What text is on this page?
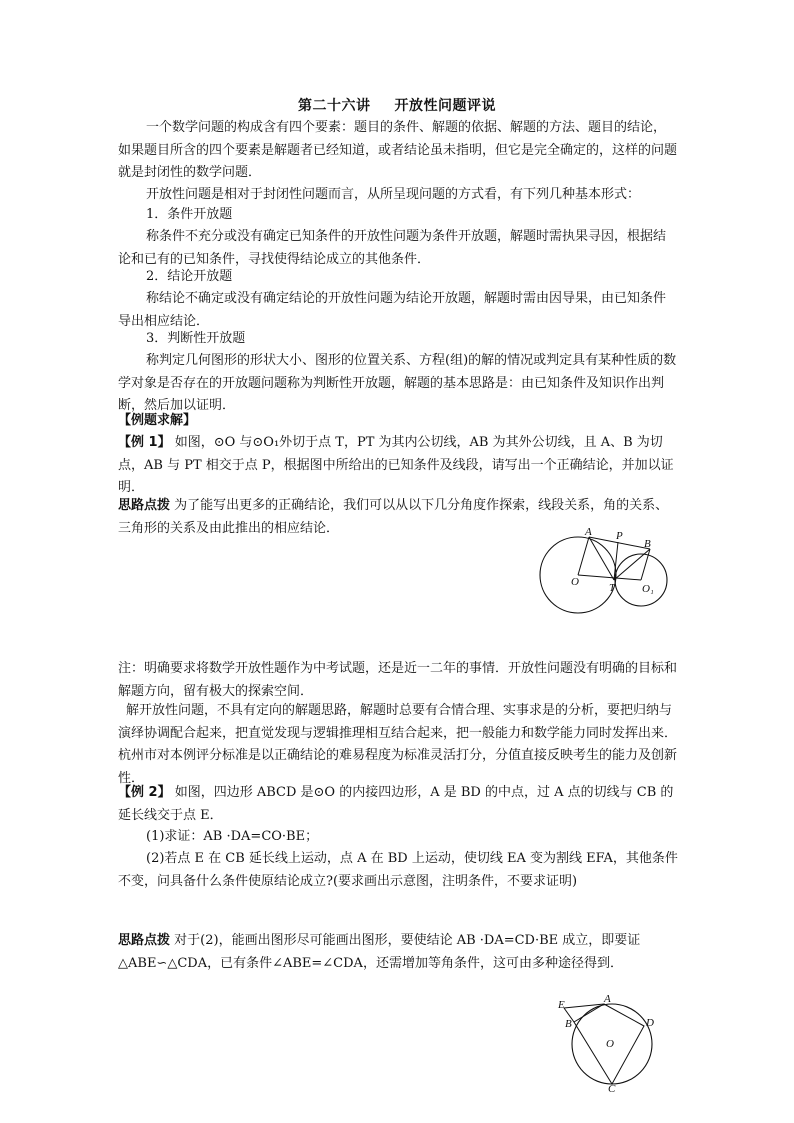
第二十六讲 开放性问题评说

一个数学问题的构成含有四个要素：题目的条件、解题的依据、解题的方法、题目的结论，如果题目所含的四个要素是解题者已经知道，或者结论虽未指明，但它是完全确定的，这样的问题就是封闭性的数学问题．

开放性问题是相对于封闭性问题而言，从所呈现问题的方式看，有下列几种基本形式：

1．条件开放题

称条件不充分或没有确定已知条件的开放性问题为条件开放题，解题时需执果寻因，根据结论和已有的已知条件，寻找使得结论成立的其他条件．

2．结论开放题

称结论不确定或没有确定结论的开放性问题为结论开放题，解题时需由因导果，由已知条件导出相应结论．

3．判断性开放题

称判定几何图形的形状大小、图形的位置关系、方程(组)的解的情况或判定具有某种性质的数学对象是否存在的开放题问题称为判断性开放题，解题的基本思路是：由已知条件及知识作出判断，然后加以证明．

【例题求解】

【例 1】 如图，⊙O 与⊙O₁外切于点 T，PT 为其内公切线，AB 为其外公切线，且 A、B 为切点，AB 与 PT 相交于点 P，根据图中所给出的已知条件及线段，请写出一个正确结论，并加以证明．

思路点拨 为了能写出更多的正确结论，我们可以从以下几分角度作探索，线段关系，角的关系、三角形的关系及由此推出的相应结论．	A P
B
O	T O₁

注：明确要求将数学开放性题作为中考试题，还是近一二年的事情．开放性问题没有明确的目标和解题方向，留有极大的探索空间．

解开放性问题，不具有定向的解题思路，解题时总要有合情合理、实事求是的分析，要把归纳与演绎协调配合起来，把直觉发现与逻辑推理相互结合起来，把一般能力和数学能力同时发挥出来．杭州市对本例评分标准是以正确结论的难易程度为标准灵活打分，分值直接反映考生的能力及创新性．

【例 2】 如图，四边形 ABCD 是⊙O 的内接四边形，A 是 BD 的中点，过 A 点的切线与 CB 的延长线交于点 E．

(1)求证：AB ·DA=CO·BE；

(2)若点 E 在 CB 延长线上运动，点 A 在 BD 上运动，使切线 EA 变为割线 EFA，其他条件不变，问具备什么条件使原结论成立?(要求画出示意图，注明条件，不要求证明)

思路点拨 对于(2)，能画出图形尽可能画出图形，要使结论 AB ·DA=CD·BE 成立，即要证△ABE∽△CDA，已有条件∠ABE=∠CDA，还需增加等角条件，这可由多种途径得到．

E	A
B	D
O
C
